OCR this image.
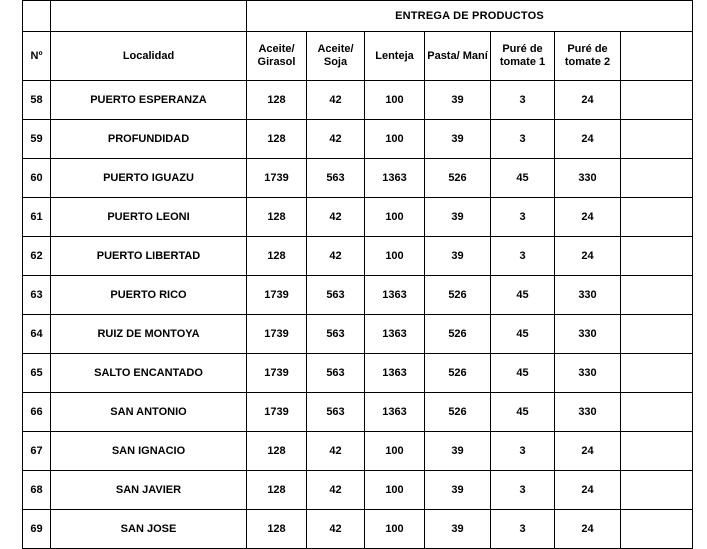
		ENTREGA DE PRODUCTOS						
Nº	Localidad	Aceite/ Girasol	Aceite/ Soja	Lenteja	Pasta/ Maní	Puré de tomate 1	Puré de tomate 2	
58	PUERTO ESPERANZA	128	42	100	39	3	24	
59	PROFUNDIDAD	128	42	100	39	3	24	
60	PUERTO IGUAZU	1739	563	1363	526	45	330	
61	PUERTO LEONI	128	42	100	39	3	24	
62	PUERTO LIBERTAD	128	42	100	39	3	24	
63	PUERTO RICO	1739	563	1363	526	45	330	
64	RUIZ DE MONTOYA	1739	563	1363	526	45	330	
65	SALTO ENCANTADO	1739	563	1363	526	45	330	
66	SAN ANTONIO	1739	563	1363	526	45	330	
67	SAN IGNACIO	128	42	100	39	3	24	
68	SAN JAVIER	128	42	100	39	3	24	
69	SAN JOSE	128	42	100	39	3	24	
